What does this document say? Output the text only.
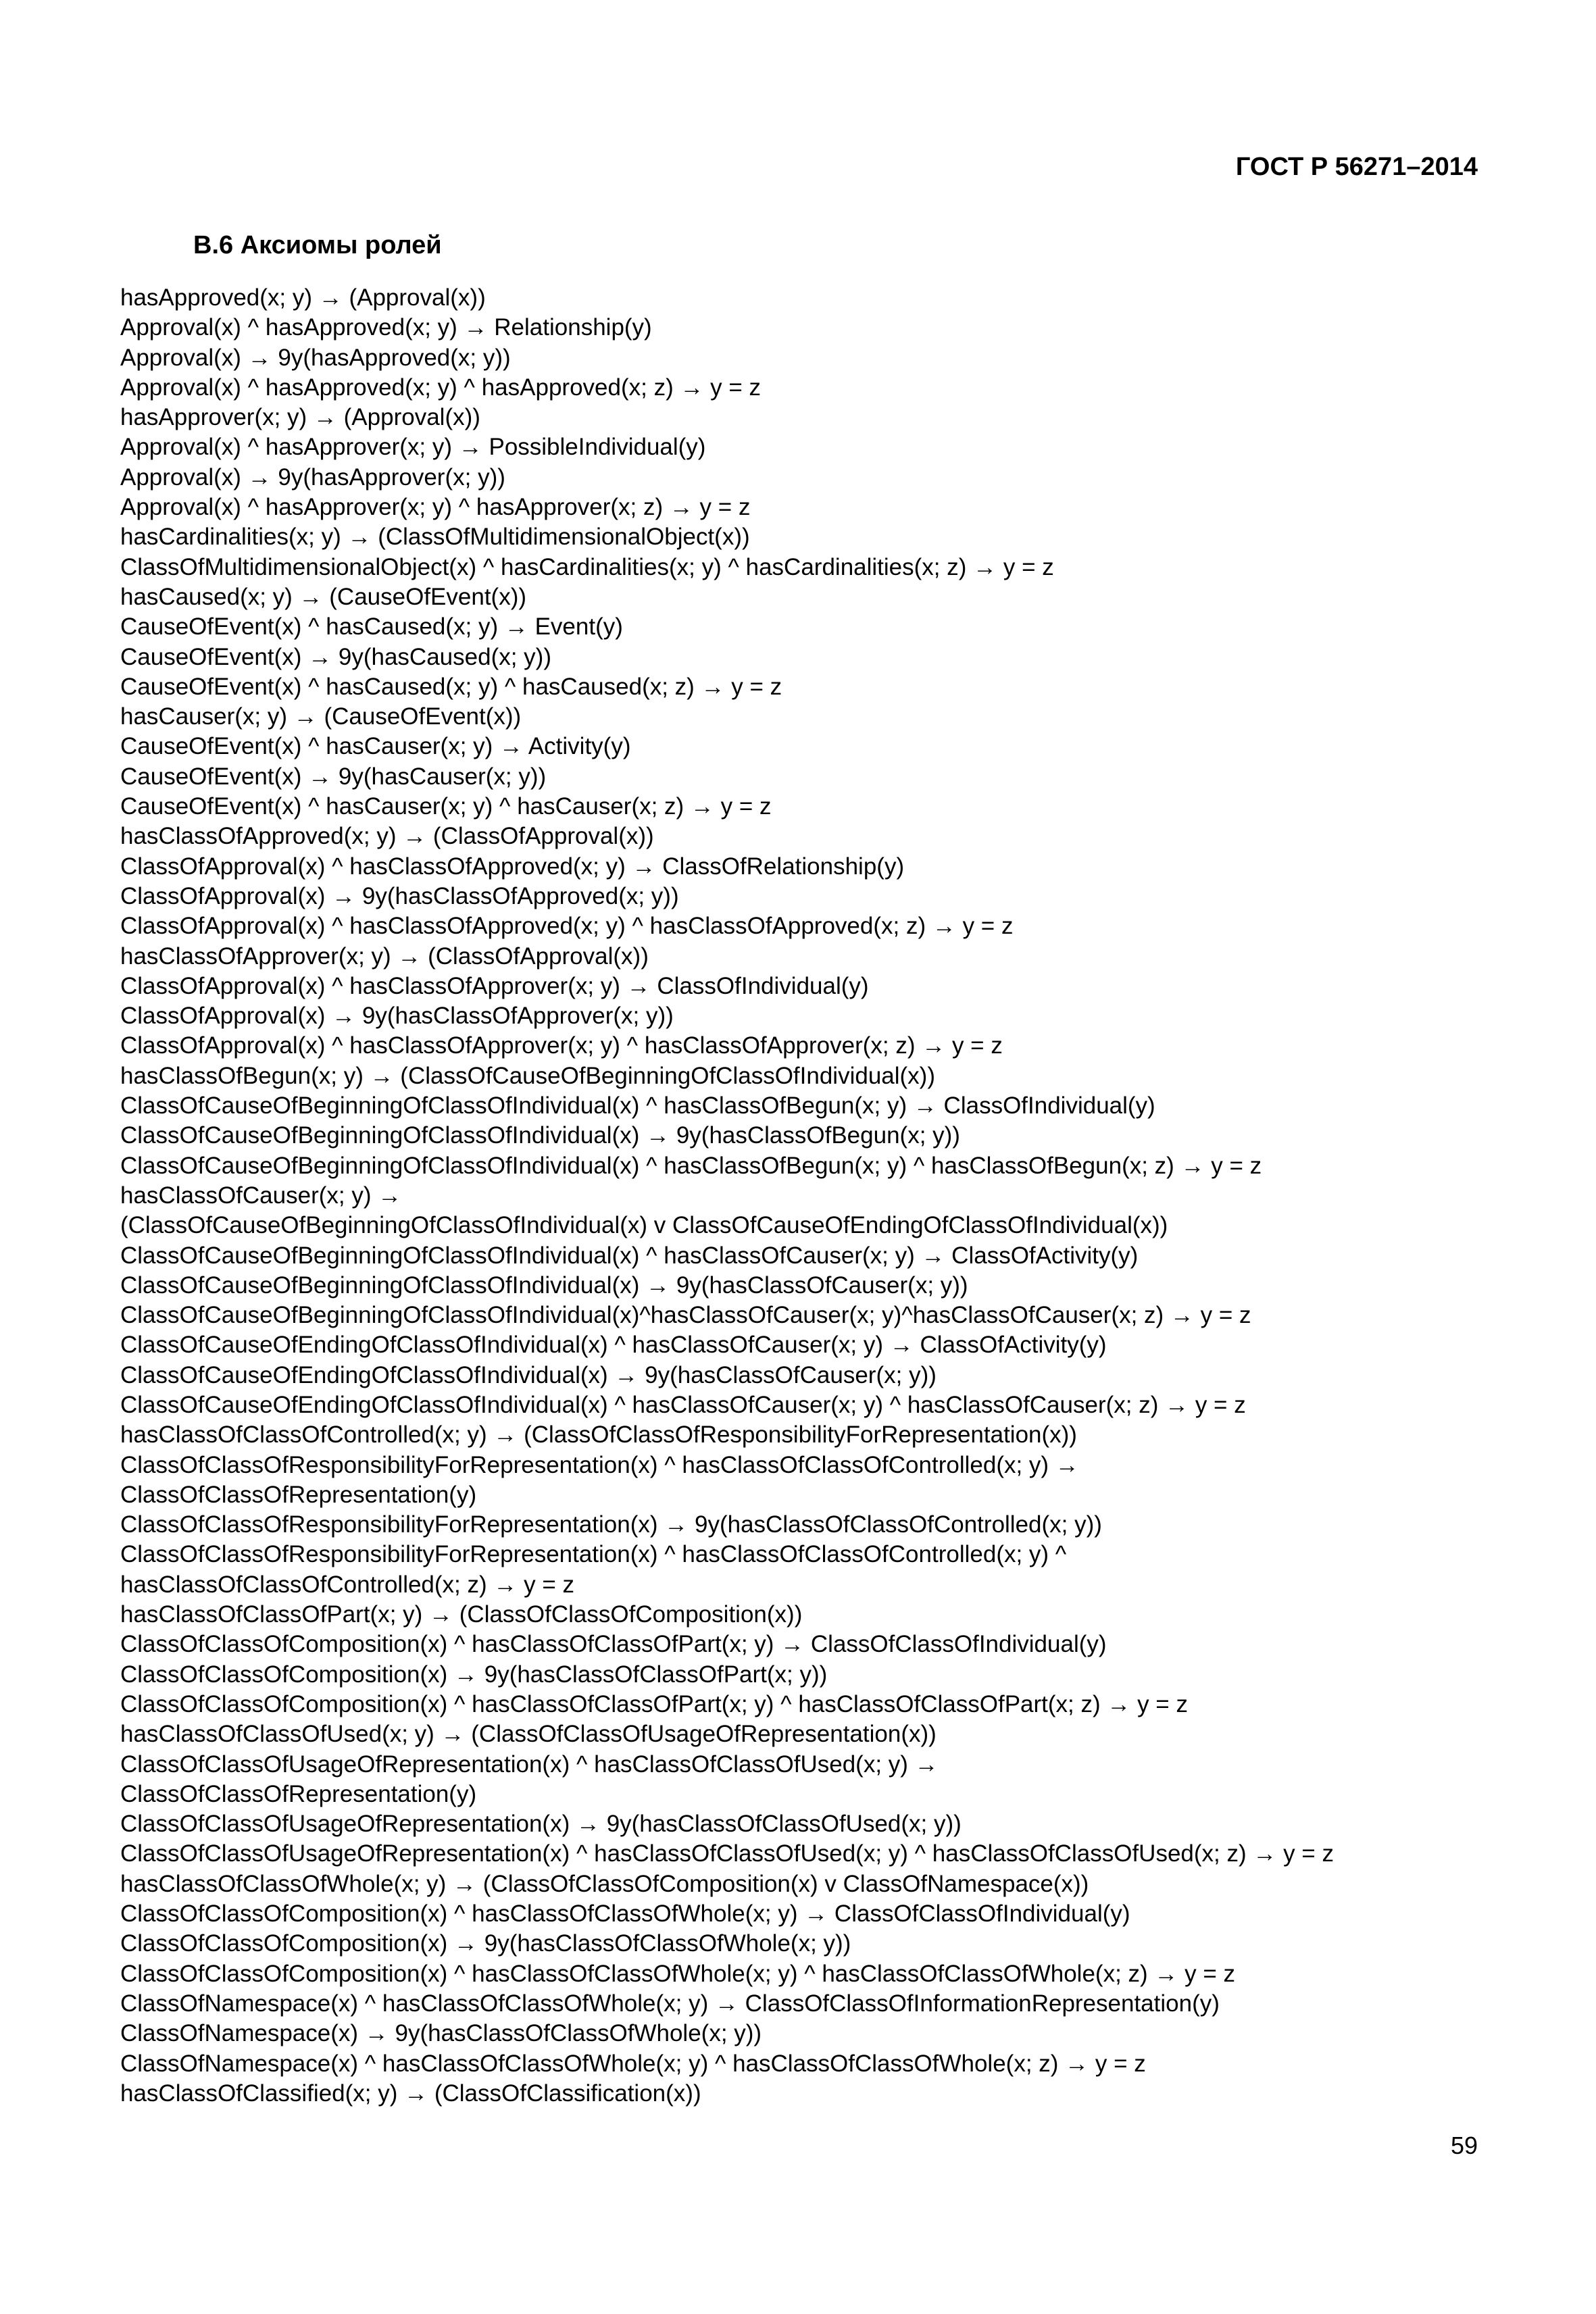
ГОСТ Р 56271–2014
В.6 Аксиомы ролей
hasApproved(x; y) → (Approval(x))
Approval(x) ^ hasApproved(x; y) → Relationship(y)
Approval(x) → 9y(hasApproved(x; y))
Approval(x) ^ hasApproved(x; y) ^ hasApproved(x; z) → y = z
hasApprover(x; y) → (Approval(x))
Approval(x) ^ hasApprover(x; y) → PossibleIndividual(y)
Approval(x) → 9y(hasApprover(x; y))
Approval(x) ^ hasApprover(x; y) ^ hasApprover(x; z) → y = z
hasCardinalities(x; y) → (ClassOfMultidimensionalObject(x))
ClassOfMultidimensionalObject(x) ^ hasCardinalities(x; y) ^ hasCardinalities(x; z) → y = z
hasCaused(x; y) → (CauseOfEvent(x))
CauseOfEvent(x) ^ hasCaused(x; y) → Event(y)
CauseOfEvent(x) → 9y(hasCaused(x; y))
CauseOfEvent(x) ^ hasCaused(x; y) ^ hasCaused(x; z) → y = z
hasCauser(x; y) → (CauseOfEvent(x))
CauseOfEvent(x) ^ hasCauser(x; y) → Activity(y)
CauseOfEvent(x) → 9y(hasCauser(x; y))
CauseOfEvent(x) ^ hasCauser(x; y) ^ hasCauser(x; z) → y = z
hasClassOfApproved(x; y) → (ClassOfApproval(x))
ClassOfApproval(x) ^ hasClassOfApproved(x; y) → ClassOfRelationship(y)
ClassOfApproval(x) → 9y(hasClassOfApproved(x; y))
ClassOfApproval(x) ^ hasClassOfApproved(x; y) ^ hasClassOfApproved(x; z) → y = z
hasClassOfApprover(x; y) → (ClassOfApproval(x))
ClassOfApproval(x) ^ hasClassOfApprover(x; y) → ClassOfIndividual(y)
ClassOfApproval(x) → 9y(hasClassOfApprover(x; y))
ClassOfApproval(x) ^ hasClassOfApprover(x; y) ^ hasClassOfApprover(x; z) → y = z
hasClassOfBegun(x; y) → (ClassOfCauseOfBeginningOfClassOfIndividual(x))
ClassOfCauseOfBeginningOfClassOfIndividual(x) ^ hasClassOfBegun(x; y) → ClassOfIndividual(y)
ClassOfCauseOfBeginningOfClassOfIndividual(x) → 9y(hasClassOfBegun(x; y))
ClassOfCauseOfBeginningOfClassOfIndividual(x) ^ hasClassOfBegun(x; y) ^ hasClassOfBegun(x; z) → y = z
hasClassOfCauser(x; y) →
(ClassOfCauseOfBeginningOfClassOfIndividual(x) v ClassOfCauseOfEndingOfClassOfIndividual(x))
ClassOfCauseOfBeginningOfClassOfIndividual(x) ^ hasClassOfCauser(x; y) → ClassOfActivity(y)
ClassOfCauseOfBeginningOfClassOfIndividual(x) → 9y(hasClassOfCauser(x; y))
ClassOfCauseOfBeginningOfClassOfIndividual(x)^hasClassOfCauser(x; y)^hasClassOfCauser(x; z) → y = z
ClassOfCauseOfEndingOfClassOfIndividual(x) ^ hasClassOfCauser(x; y) → ClassOfActivity(y)
ClassOfCauseOfEndingOfClassOfIndividual(x) → 9y(hasClassOfCauser(x; y))
ClassOfCauseOfEndingOfClassOfIndividual(x) ^ hasClassOfCauser(x; y) ^ hasClassOfCauser(x; z) → y = z
hasClassOfClassOfControlled(x; y) → (ClassOfClassOfResponsibilityForRepresentation(x))
ClassOfClassOfResponsibilityForRepresentation(x) ^ hasClassOfClassOfControlled(x; y) →
ClassOfClassOfRepresentation(y)
ClassOfClassOfResponsibilityForRepresentation(x) → 9y(hasClassOfClassOfControlled(x; y))
ClassOfClassOfResponsibilityForRepresentation(x) ^ hasClassOfClassOfControlled(x; y) ^
hasClassOfClassOfControlled(x; z) → y = z
hasClassOfClassOfPart(x; y) → (ClassOfClassOfComposition(x))
ClassOfClassOfComposition(x) ^ hasClassOfClassOfPart(x; y) → ClassOfClassOfIndividual(y)
ClassOfClassOfComposition(x) → 9y(hasClassOfClassOfPart(x; y))
ClassOfClassOfComposition(x) ^ hasClassOfClassOfPart(x; y) ^ hasClassOfClassOfPart(x; z) → y = z
hasClassOfClassOfUsed(x; y) → (ClassOfClassOfUsageOfRepresentation(x))
ClassOfClassOfUsageOfRepresentation(x) ^ hasClassOfClassOfUsed(x; y) →
ClassOfClassOfRepresentation(y)
ClassOfClassOfUsageOfRepresentation(x) → 9y(hasClassOfClassOfUsed(x; y))
ClassOfClassOfUsageOfRepresentation(x) ^ hasClassOfClassOfUsed(x; y) ^ hasClassOfClassOfUsed(x; z) → y = z
hasClassOfClassOfWhole(x; y) → (ClassOfClassOfComposition(x) v ClassOfNamespace(x))
ClassOfClassOfComposition(x) ^ hasClassOfClassOfWhole(x; y) → ClassOfClassOfIndividual(y)
ClassOfClassOfComposition(x) → 9y(hasClassOfClassOfWhole(x; y))
ClassOfClassOfComposition(x) ^ hasClassOfClassOfWhole(x; y) ^ hasClassOfClassOfWhole(x; z) → y = z
ClassOfNamespace(x) ^ hasClassOfClassOfWhole(x; y) → ClassOfClassOfInformationRepresentation(y)
ClassOfNamespace(x) → 9y(hasClassOfClassOfWhole(x; y))
ClassOfNamespace(x) ^ hasClassOfClassOfWhole(x; y) ^ hasClassOfClassOfWhole(x; z) → y = z
hasClassOfClassified(x; y) → (ClassOfClassification(x))
59
